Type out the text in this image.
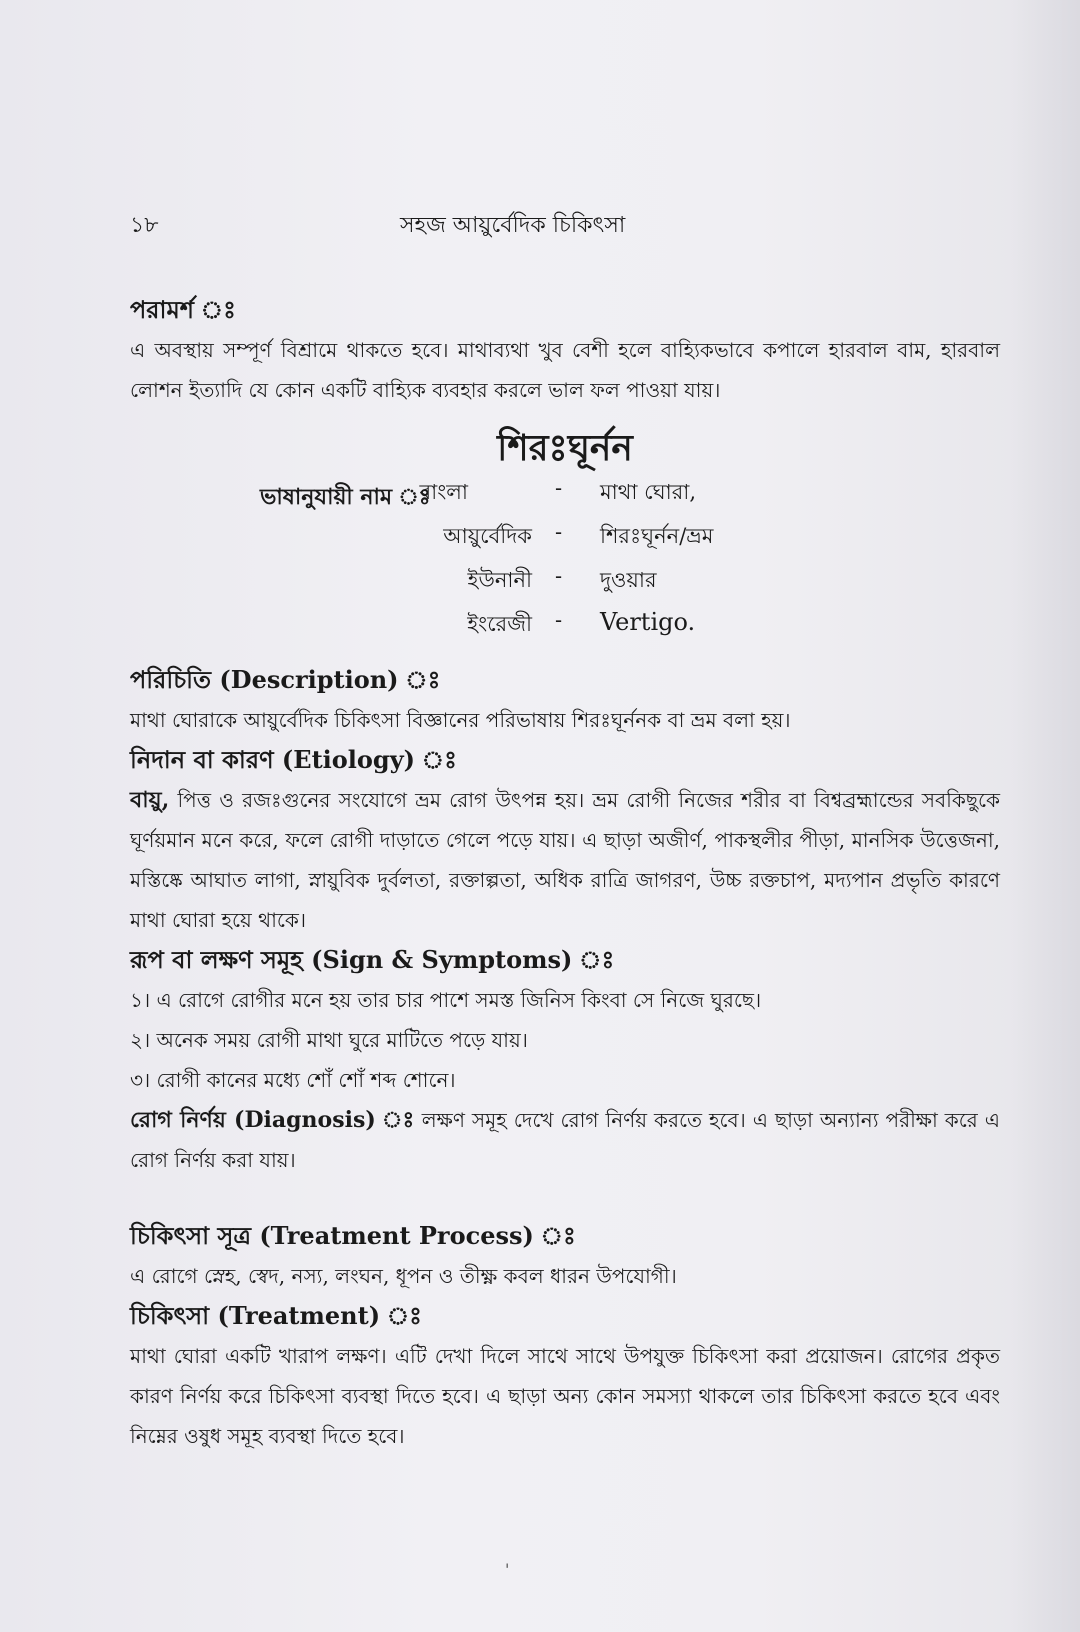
১৮	সহজ আয়ুর্বেদিক চিকিৎসা

পরামর্শ ঃ

এ অবস্থায় সম্পূর্ণ বিশ্রামে থাকতে হবে। মাথাব্যথা খুব বেশী হলে বাহ্যিকভাবে কপালে হারবাল বাম, হারবাল লোশন ইত্যাদি যে কোন একটি বাহ্যিক ব্যবহার করলে ভাল ফল পাওয়া যায়।

শিরঃঘূর্নন
ভাষানুযায়ী নাম ঃ
বাংলা	- মাথা ঘোরা,
আয়ুর্বেদিক - শিরঃঘূর্নন/ভ্রম
ইউনানী - দুওয়ার
ইংরেজী - Vertigo.

পরিচিতি (Description) ঃ

মাথা ঘোরাকে আয়ুর্বেদিক চিকিৎসা বিজ্ঞানের পরিভাষায় শিরঃঘূর্ননক বা ভ্রম বলা হয়।

নিদান বা কারণ (Etiology) ঃ

বায়ু, পিত্ত ও রজঃগুনের সংযোগে ভ্রম রোগ উৎপন্ন হয়। ভ্রম রোগী নিজের শরীর বা বিশ্বব্রহ্মান্ডের সবকিছুকে ঘূর্ণয়মান মনে করে, ফলে রোগী দাড়াতে গেলে পড়ে যায়। এ ছাড়া অজীর্ণ, পাকস্থলীর পীড়া, মানসিক উত্তেজনা, মস্তিষ্কে আঘাত লাগা, স্নায়ুবিক দুর্বলতা, রক্তাল্পতা, অধিক রাত্রি জাগরণ, উচ্চ রক্তচাপ, মদ্যপান প্রভৃতি কারণে মাথা ঘোরা হয়ে থাকে।

রূপ বা লক্ষণ সমূহ (Sign & Symptoms) ঃ

১। এ রোগে রোগীর মনে হয় তার চার পাশে সমস্ত জিনিস কিংবা সে নিজে ঘুরছে।

২। অনেক সময় রোগী মাথা ঘুরে মাটিতে পড়ে যায়।

৩। রোগী কানের মধ্যে শোঁ শোঁ শব্দ শোনে।

রোগ নির্ণয় (Diagnosis) ঃ লক্ষণ সমূহ দেখে রোগ নির্ণয় করতে হবে। এ ছাড়া অন্যান্য পরীক্ষা করে এ রোগ নির্ণয় করা যায়।

চিকিৎসা সূত্র (Treatment Process) ঃ

এ রোগে স্নেহ, স্বেদ, নস্য, লংঘন, ধূপন ও তীক্ষ্ণ কবল ধারন উপযোগী।

চিকিৎসা (Treatment) ঃ

মাথা ঘোরা একটি খারাপ লক্ষণ। এটি দেখা দিলে সাথে সাথে উপযুক্ত চিকিৎসা করা প্রয়োজন। রোগের প্রকৃত কারণ নির্ণয় করে চিকিৎসা ব্যবস্থা দিতে হবে। এ ছাড়া অন্য কোন সমস্যা থাকলে তার চিকিৎসা করতে হবে এবং নিম্নের ওষুধ সমূহ ব্যবস্থা দিতে হবে।

'
